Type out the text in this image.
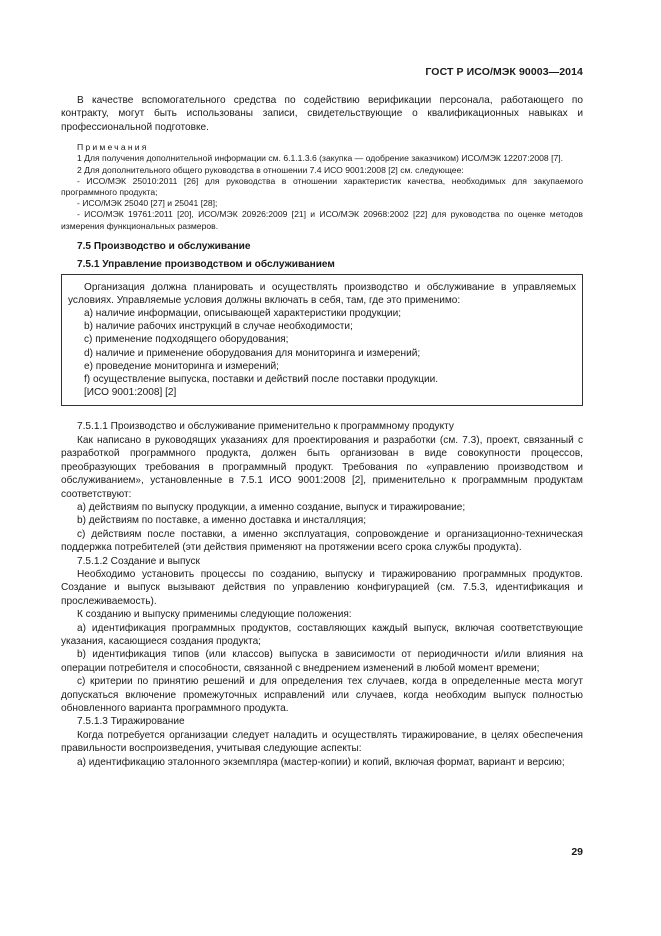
ГОСТ Р ИСО/МЭК 90003—2014

В качестве вспомогательного средства по содействию верификации персонала, работающего по контракту, могут быть использованы записи, свидетельствующие о квалификационных навыках и профессиональной подготовке.

Примечания

1 Для получения дополнительной информации см. 6.1.1.3.6 (закупка — одобрение заказчиком) ИСО/МЭК 12207:2008 [7].

2 Для дополнительного общего руководства в отношении 7.4 ИСО 9001:2008 [2] см. следующее:

- ИСО/МЭК 25010:2011 [26] для руководства в отношении характеристик качества, необходимых для закупаемого программного продукта;

- ИСО/МЭК 25040 [27] и 25041 [28];

- ИСО/МЭК 19761:2011 [20], ИСО/МЭК 20926:2009 [21] и ИСО/МЭК 20968:2002 [22] для руководства по оценке методов измерения функциональных размеров.

7.5 Производство и обслуживание
7.5.1 Управление производством и обслуживанием

Организация должна планировать и осуществлять производство и обслуживание в управляемых условиях. Управляемые условия должны включать в себя, там, где это применимо:

a) наличие информации, описывающей характеристики продукции;

b) наличие рабочих инструкций в случае необходимости;

c) применение подходящего оборудования;

d) наличие и применение оборудования для мониторинга и измерений;

e) проведение мониторинга и измерений;

f) осуществление выпуска, поставки и действий после поставки продукции.

[ИСО 9001:2008] [2]

7.5.1.1 Производство и обслуживание применительно к программному продукту

Как написано в руководящих указаниях для проектирования и разработки (см. 7.3), проект, связанный с разработкой программного продукта, должен быть организован в виде совокупности процессов, преобразующих требования в программный продукт. Требования по «управлению производством и обслуживанием», установленные в 7.5.1 ИСО 9001:2008 [2], применительно к программным продуктам соответствуют:

a) действиям по выпуску продукции, а именно создание, выпуск и тиражирование;

b) действиям по поставке, а именно доставка и инсталляция;

c) действиям после поставки, а именно эксплуатация, сопровождение и организационно-техническая поддержка потребителей (эти действия применяют на протяжении всего срока службы продукта).

7.5.1.2 Создание и выпуск

Необходимо установить процессы по созданию, выпуску и тиражированию программных продуктов. Создание и выпуск вызывают действия по управлению конфигурацией (см. 7.5.3, идентификация и прослеживаемость).

К созданию и выпуску применимы следующие положения:

a) идентификация программных продуктов, составляющих каждый выпуск, включая соответствующие указания, касающиеся создания продукта;

b) идентификация типов (или классов) выпуска в зависимости от периодичности и/или влияния на операции потребителя и способности, связанной с внедрением изменений в любой момент времени;

c) критерии по принятию решений и для определения тех случаев, когда в определенные места могут допускаться включение промежуточных исправлений или случаев, когда необходим выпуск полностью обновленного варианта программного продукта.

7.5.1.3 Тиражирование

Когда потребуется организации следует наладить и осуществлять тиражирование, в целях обеспечения правильности воспроизведения, учитывая следующие аспекты:

a) идентификацию эталонного экземпляра (мастер-копии) и копий, включая формат, вариант и версию;

29
